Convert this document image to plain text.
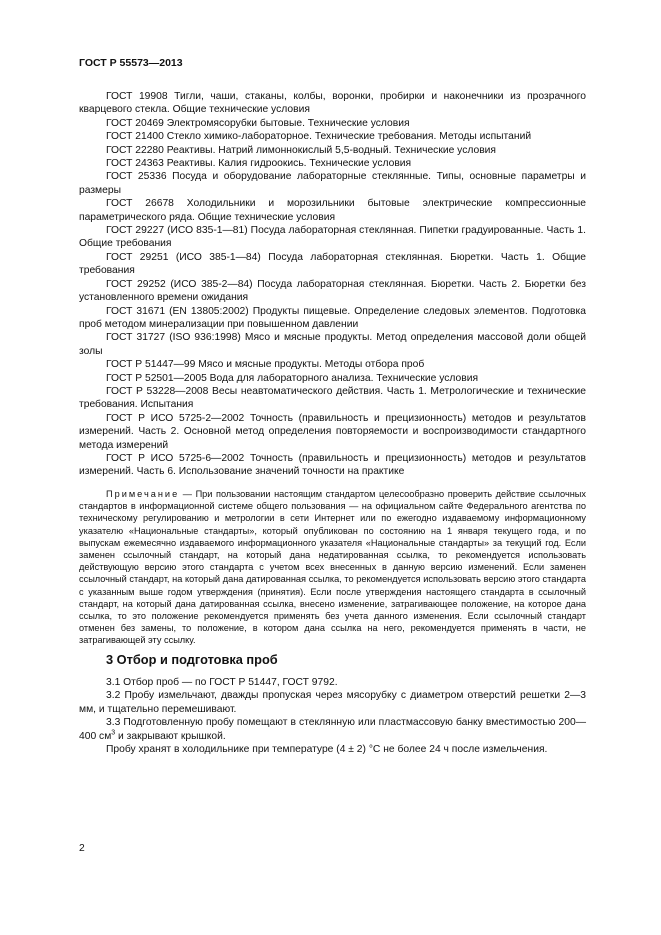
ГОСТ Р 55573—2013
ГОСТ 19908 Тигли, чаши, стаканы, колбы, воронки, пробирки и наконечники из прозрачного кварцевого стекла. Общие технические условия
ГОСТ 20469 Электромясорубки бытовые. Технические условия
ГОСТ 21400 Стекло химико-лабораторное. Технические требования. Методы испытаний
ГОСТ 22280 Реактивы. Натрий лимоннокислый 5,5-водный. Технические условия
ГОСТ 24363 Реактивы. Калия гидроокись. Технические условия
ГОСТ 25336 Посуда и оборудование лабораторные стеклянные. Типы, основные параметры и размеры
ГОСТ 26678 Холодильники и морозильники бытовые электрические компрессионные параметрического ряда. Общие технические условия
ГОСТ 29227 (ИСО 835-1—81) Посуда лабораторная стеклянная. Пипетки градуированные. Часть 1. Общие требования
ГОСТ 29251 (ИСО 385-1—84) Посуда лабораторная стеклянная. Бюретки. Часть 1. Общие требования
ГОСТ 29252 (ИСО 385-2—84) Посуда лабораторная стеклянная. Бюретки. Часть 2. Бюретки без установленного времени ожидания
ГОСТ 31671 (EN 13805:2002) Продукты пищевые. Определение следовых элементов. Подготовка проб методом минерализации при повышенном давлении
ГОСТ 31727 (ISO 936:1998) Мясо и мясные продукты. Метод определения массовой доли общей золы
ГОСТ Р 51447—99 Мясо и мясные продукты. Методы отбора проб
ГОСТ Р 52501—2005 Вода для лабораторного анализа. Технические условия
ГОСТ Р 53228—2008 Весы неавтоматического действия. Часть 1. Метрологические и технические требования. Испытания
ГОСТ Р ИСО 5725-2—2002 Точность (правильность и прецизионность) методов и результатов измерений. Часть 2. Основной метод определения повторяемости и воспроизводимости стандартного метода измерений
ГОСТ Р ИСО 5725-6—2002 Точность (правильность и прецизионность) методов и результатов измерений. Часть 6. Использование значений точности на практике
Примечание — При пользовании настоящим стандартом целесообразно проверить действие ссылочных стандартов в информационной системе общего пользования — на официальном сайте Федерального агентства по техническому регулированию и метрологии в сети Интернет или по ежегодно издаваемому информационному указателю «Национальные стандарты», который опубликован по состоянию на 1 января текущего года, и по выпускам ежемесячно издаваемого информационного указателя «Национальные стандарты» за текущий год. Если заменен ссылочный стандарт, на который дана недатированная ссылка, то рекомендуется использовать действующую версию этого стандарта с учетом всех внесенных в данную версию изменений. Если заменен ссылочный стандарт, на который дана датированная ссылка, то рекомендуется использовать версию этого стандарта с указанным выше годом утверждения (принятия). Если после утверждения настоящего стандарта в ссылочный стандарт, на который дана датированная ссылка, внесено изменение, затрагивающее положение, на которое дана ссылка, то это положение рекомендуется применять без учета данного изменения. Если ссылочный стандарт отменен без замены, то положение, в котором дана ссылка на него, рекомендуется применять в части, не затрагивающей эту ссылку.
3 Отбор и подготовка проб
3.1 Отбор проб — по ГОСТ Р 51447, ГОСТ 9792.
3.2 Пробу измельчают, дважды пропуская через мясорубку с диаметром отверстий решетки 2—3 мм, и тщательно перемешивают.
3.3 Подготовленную пробу помещают в стеклянную или пластмассовую банку вместимостью 200—400 $см^3$ и закрывают крышкой.
Пробу хранят в холодильнике при температуре (4 ± 2) °С не более 24 ч после измельчения.
2
